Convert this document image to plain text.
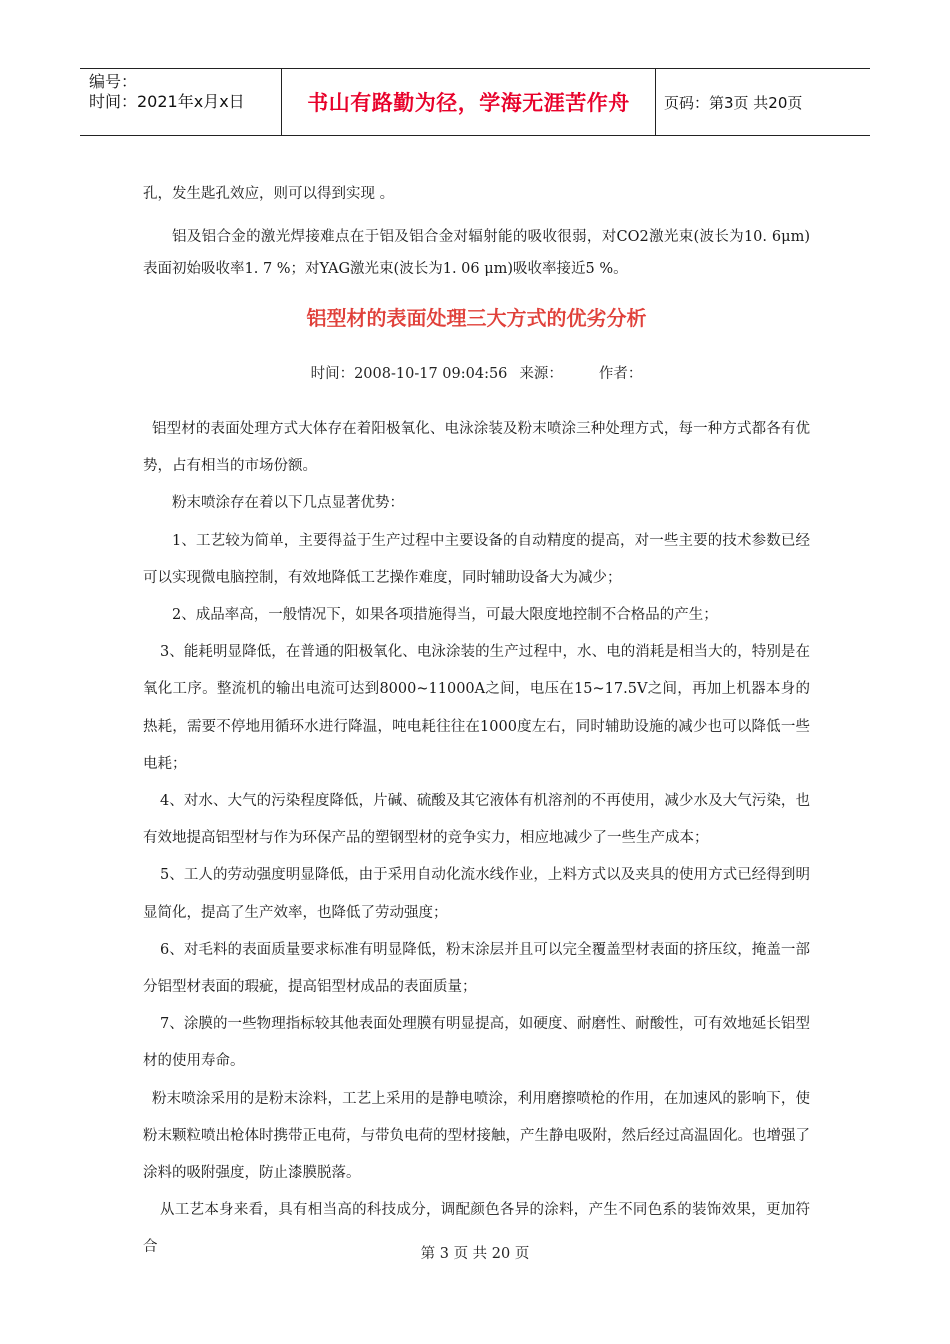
编号：
时间：2021年x月x日	书山有路勤为径，学海无涯苦作舟	页码：第3页 共20页

孔，发生匙孔效应，则可以得到实现 。

铝及铝合金的激光焊接难点在于铝及铝合金对辐射能的吸收很弱，对CO2激光束(波长为10. 6μm) 表面初始吸收率1. 7 %；对YAG激光束(波长为1. 06 μm)吸收率接近5 %。

铝型材的表面处理三大方式的优劣分析
时间：2008-10-17 09:04:56 来源： 作者：

铝型材的表面处理方式大体存在着阳极氧化、电泳涂装及粉末喷涂三种处理方式，每一种方式都各有优势，占有相当的市场份额。

粉末喷涂存在着以下几点显著优势：

1、工艺较为简单，主要得益于生产过程中主要设备的自动精度的提高，对一些主要的技术参数已经可以实现微电脑控制，有效地降低工艺操作难度，同时辅助设备大为减少；

2、成品率高，一般情况下，如果各项措施得当，可最大限度地控制不合格品的产生；

3、能耗明显降低，在普通的阳极氧化、电泳涂装的生产过程中，水、电的消耗是相当大的，特别是在氧化工序。整流机的输出电流可达到8000~11000A之间，电压在15~17.5V之间，再加上机器本身的热耗，需要不停地用循环水进行降温，吨电耗往往在1000度左右，同时辅助设施的减少也可以降低一些电耗；

4、对水、大气的污染程度降低，片碱、硫酸及其它液体有机溶剂的不再使用，减少水及大气污染，也有效地提高铝型材与作为环保产品的塑钢型材的竞争实力，相应地减少了一些生产成本；

5、工人的劳动强度明显降低，由于采用自动化流水线作业，上料方式以及夹具的使用方式已经得到明显简化，提高了生产效率，也降低了劳动强度；

6、对毛料的表面质量要求标准有明显降低，粉末涂层并且可以完全覆盖型材表面的挤压纹，掩盖一部分铝型材表面的瑕疵，提高铝型材成品的表面质量；

7、涂膜的一些物理指标较其他表面处理膜有明显提高，如硬度、耐磨性、耐酸性，可有效地延长铝型材的使用寿命。

粉末喷涂采用的是粉末涂料，工艺上采用的是静电喷涂，利用磨擦喷枪的作用，在加速风的影响下，使粉末颗粒喷出枪体时携带正电荷，与带负电荷的型材接触，产生静电吸附，然后经过高温固化。也增强了涂料的吸附强度，防止漆膜脱落。

从工艺本身来看，具有相当高的科技成分，调配颜色各异的涂料，产生不同色系的装饰效果，更加符合	第 3 页 共 20 页
